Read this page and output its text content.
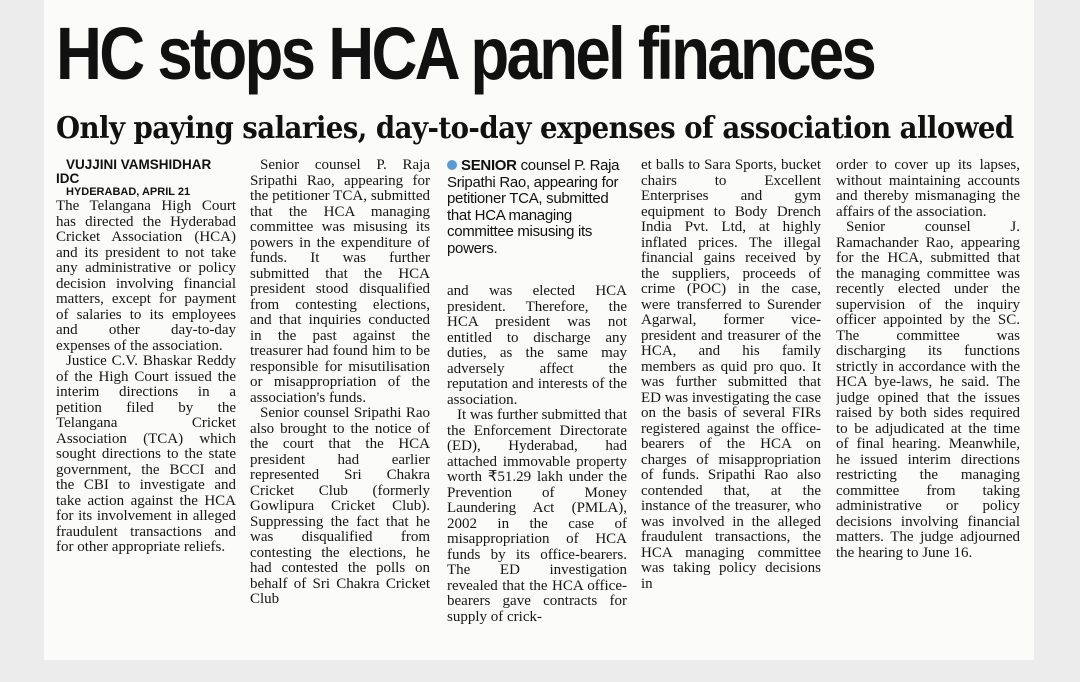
HC stops HCA panel finances
Only paying salaries, day-to-day expenses of association allowed

VUJJINI VAMSHIDHAR IDC

HYDERABAD, APRIL 21

The Telangana High Court has directed the Hyderabad Cricket Association (HCA) and its president to not take any administrative or policy decision involving financial matters, except for payment of salaries to its employees and other day-to-day expenses of the association.

Justice C.V. Bhaskar Reddy of the High Court issued the interim directions in a petition filed by the Telangana Cricket Association (TCA) which sought directions to the state government, the BCCI and the CBI to investigate and take action against the HCA for its involvement in alleged fraudulent transactions and for other appropriate reliefs.

Senior counsel P. Raja Sripathi Rao, appearing for the petitioner TCA, submitted that the HCA managing committee was misusing its powers in the expenditure of funds. It was further submitted that the HCA president stood disqualified from contesting elections, and that inquiries conducted in the past against the treasurer had found him to be responsible for misutilisation or misappropriation of the association's funds.

Senior counsel Sripathi Rao also brought to the notice of the court that the HCA president had earlier represented Sri Chakra Cricket Club (formerly Gowlipura Cricket Club). Suppressing the fact that he was disqualified from contesting the elections, he had contested the polls on behalf of Sri Chakra Cricket Club

SENIOR counsel P. Raja Sripathi Rao, appearing for petitioner TCA, submitted that HCA managing committee misusing its powers.

and was elected HCA president. Therefore, the HCA president was not entitled to discharge any duties, as the same may adversely affect the reputation and interests of the association.

It was further submitted that the Enforcement Directorate (ED), Hyderabad, had attached immovable property worth ₹51.29 lakh under the Prevention of Money Laundering Act (PMLA), 2002 in the case of misappropriation of HCA funds by its office-bearers. The ED investigation revealed that the HCA office-bearers gave contracts for supply of crick-

et balls to Sara Sports, bucket chairs to Excellent Enterprises and gym equipment to Body Drench India Pvt. Ltd, at highly inflated prices. The illegal financial gains received by the suppliers, proceeds of crime (POC) in the case, were transferred to Surender Agarwal, former vice-president and treasurer of the HCA, and his family members as quid pro quo. It was further submitted that ED was investigating the case on the basis of several FIRs registered against the office-bearers of the HCA on charges of misappropriation of funds. Sripathi Rao also contended that, at the instance of the treasurer, who was involved in the alleged fraudulent transactions, the HCA managing committee was taking policy decisions in

order to cover up its lapses, without maintaining accounts and thereby mismanaging the affairs of the association.

Senior counsel J. Ramachander Rao, appearing for the HCA, submitted that the managing committee was recently elected under the supervision of the inquiry officer appointed by the SC. The committee was discharging its functions strictly in accordance with the HCA bye-laws, he said. The judge opined that the issues raised by both sides required to be adjudicated at the time of final hearing. Meanwhile, he issued interim directions restricting the managing committee from taking administrative or policy decisions involving financial matters. The judge adjourned the hearing to June 16.
